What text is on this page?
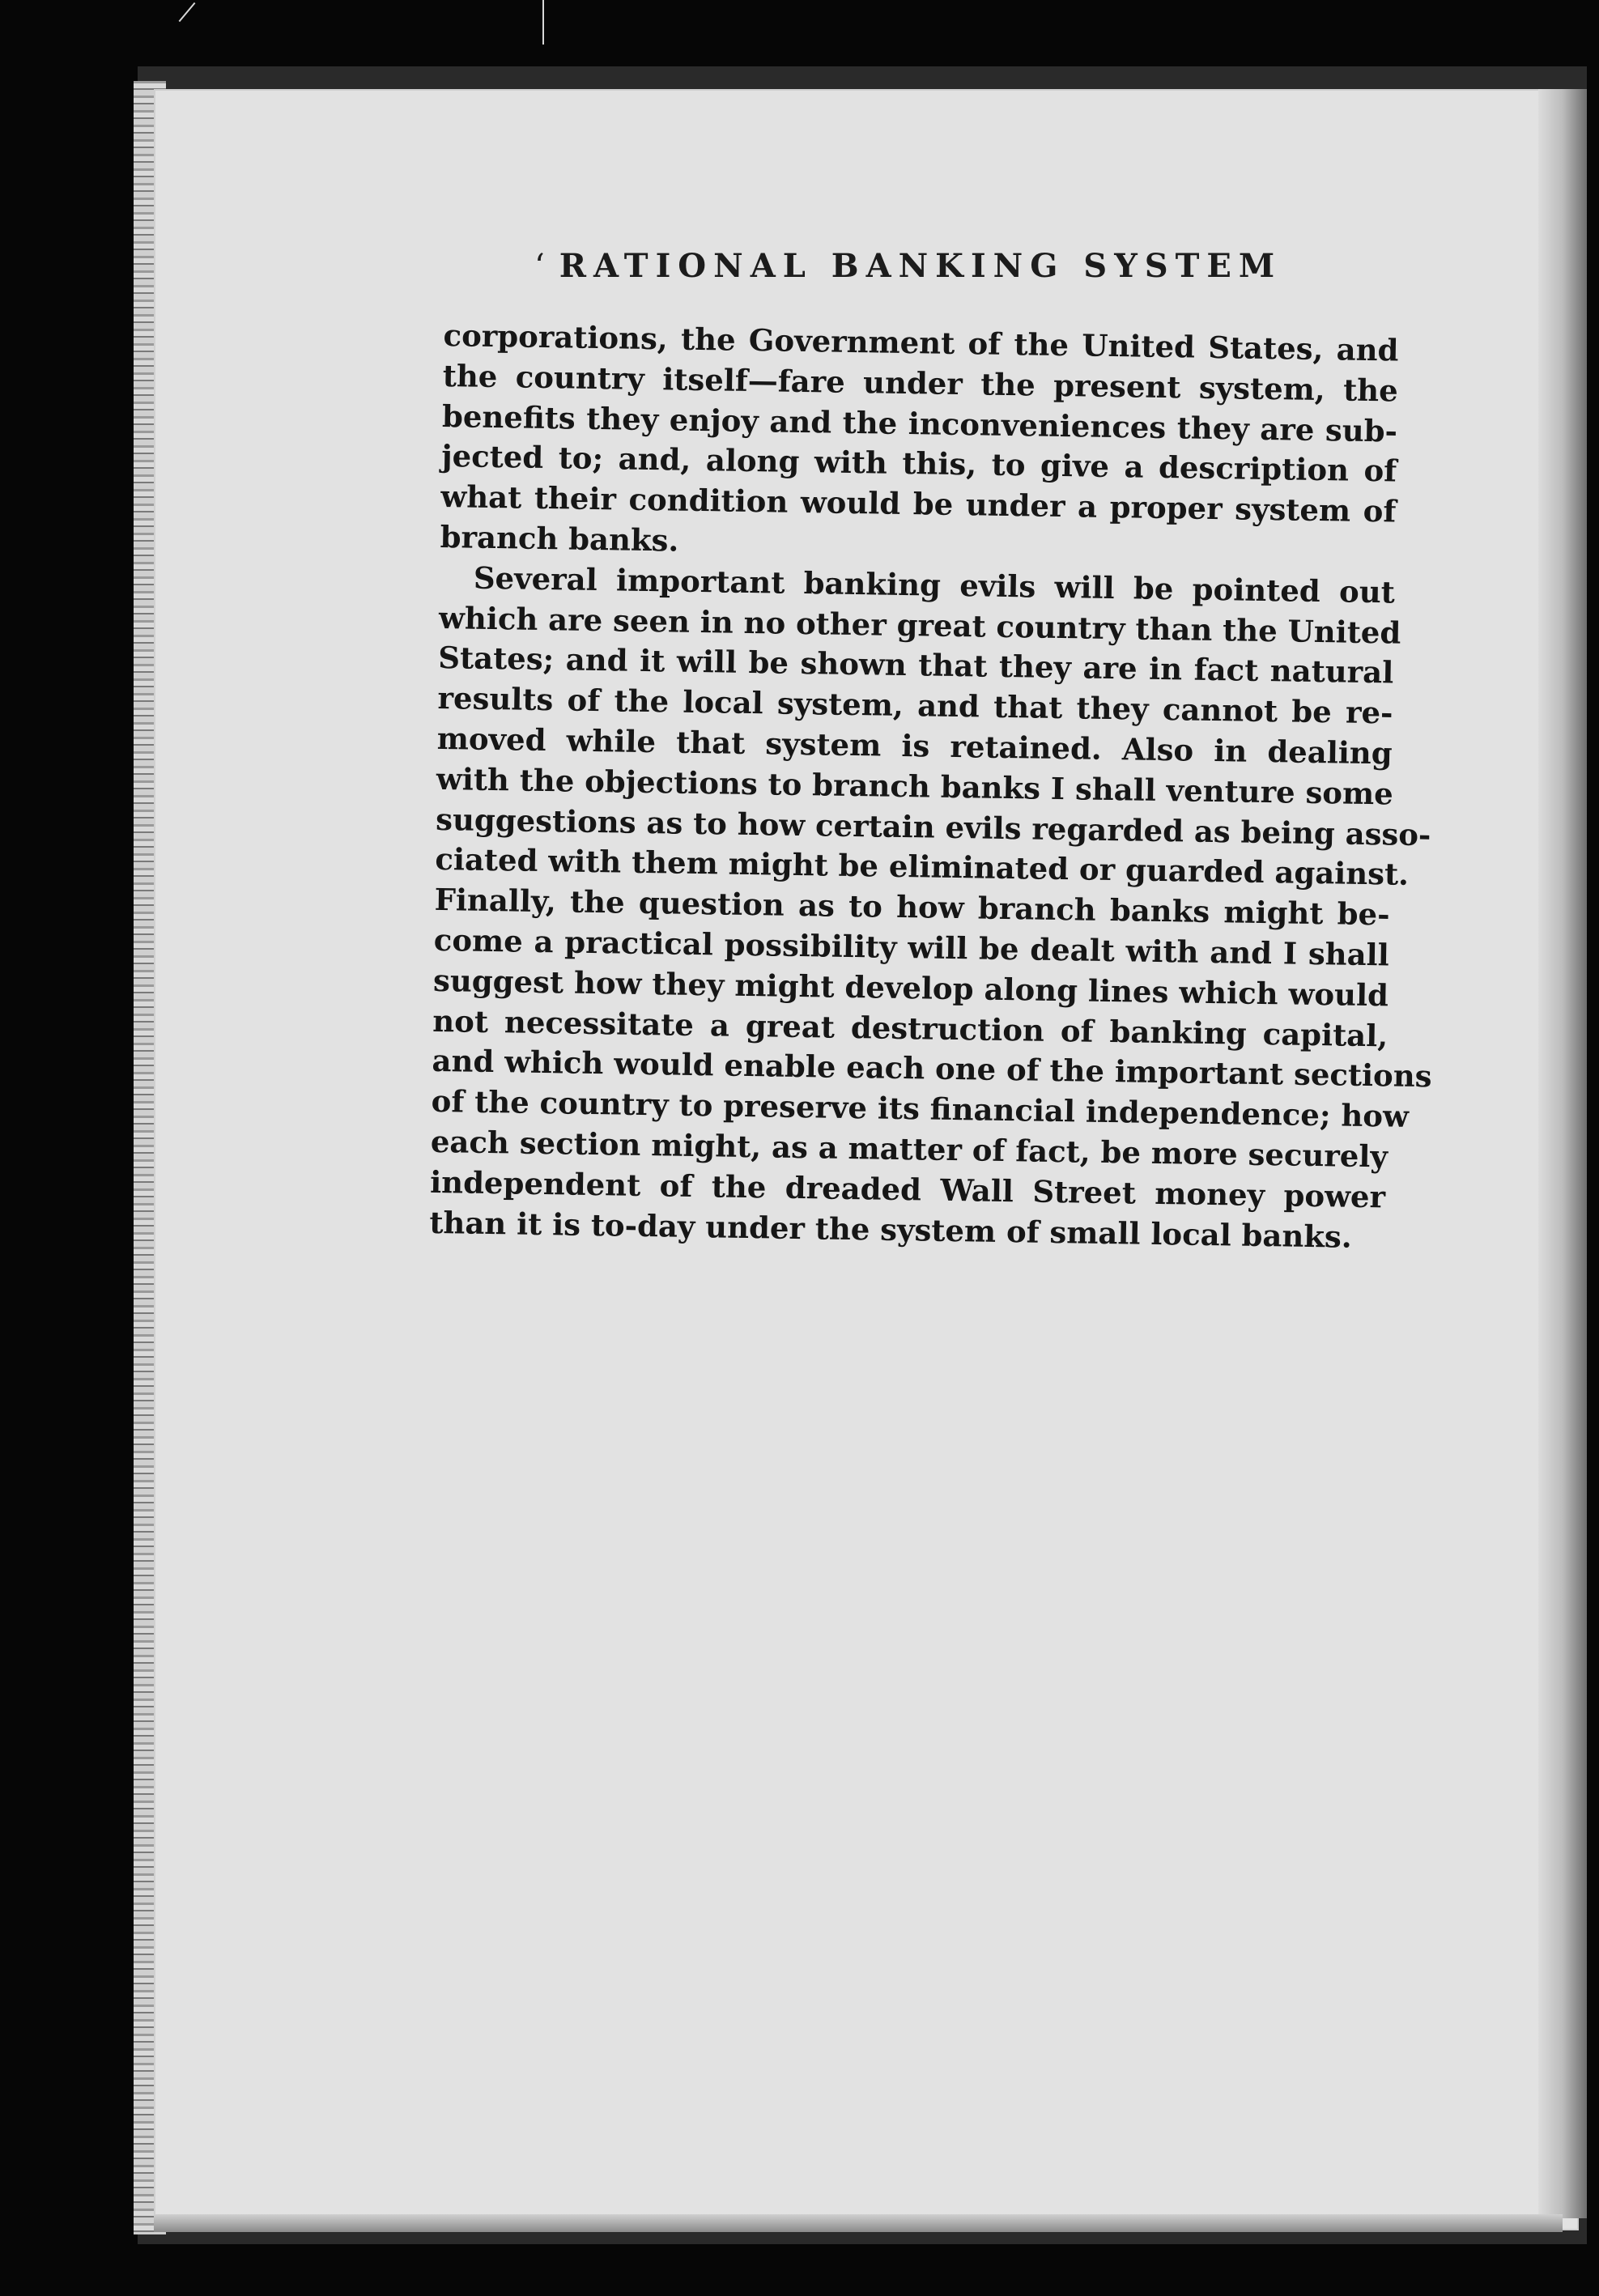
ʻ RATIONAL BANKING SYSTEM
corporations, the Government of the United States, and
the country itself—fare under the present system, the
benefits they enjoy and the inconveniences they are sub-
jected to; and, along with this, to give a description of
what their condition would be under a proper system of
branch banks.
Several important banking evils will be pointed out
which are seen in no other great country than the United
States; and it will be shown that they are in fact natural
results of the local system, and that they cannot be re-
moved while that system is retained. Also in dealing
with the objections to branch banks I shall venture some
suggestions as to how certain evils regarded as being asso-
ciated with them might be eliminated or guarded against.
Finally, the question as to how branch banks might be-
come a practical possibility will be dealt with and I shall
suggest how they might develop along lines which would
not necessitate a great destruction of banking capital,
and which would enable each one of the important sections
of the country to preserve its financial independence; how
each section might, as a matter of fact, be more securely
independent of the dreaded Wall Street money power
than it is to-day under the system of small local banks.
